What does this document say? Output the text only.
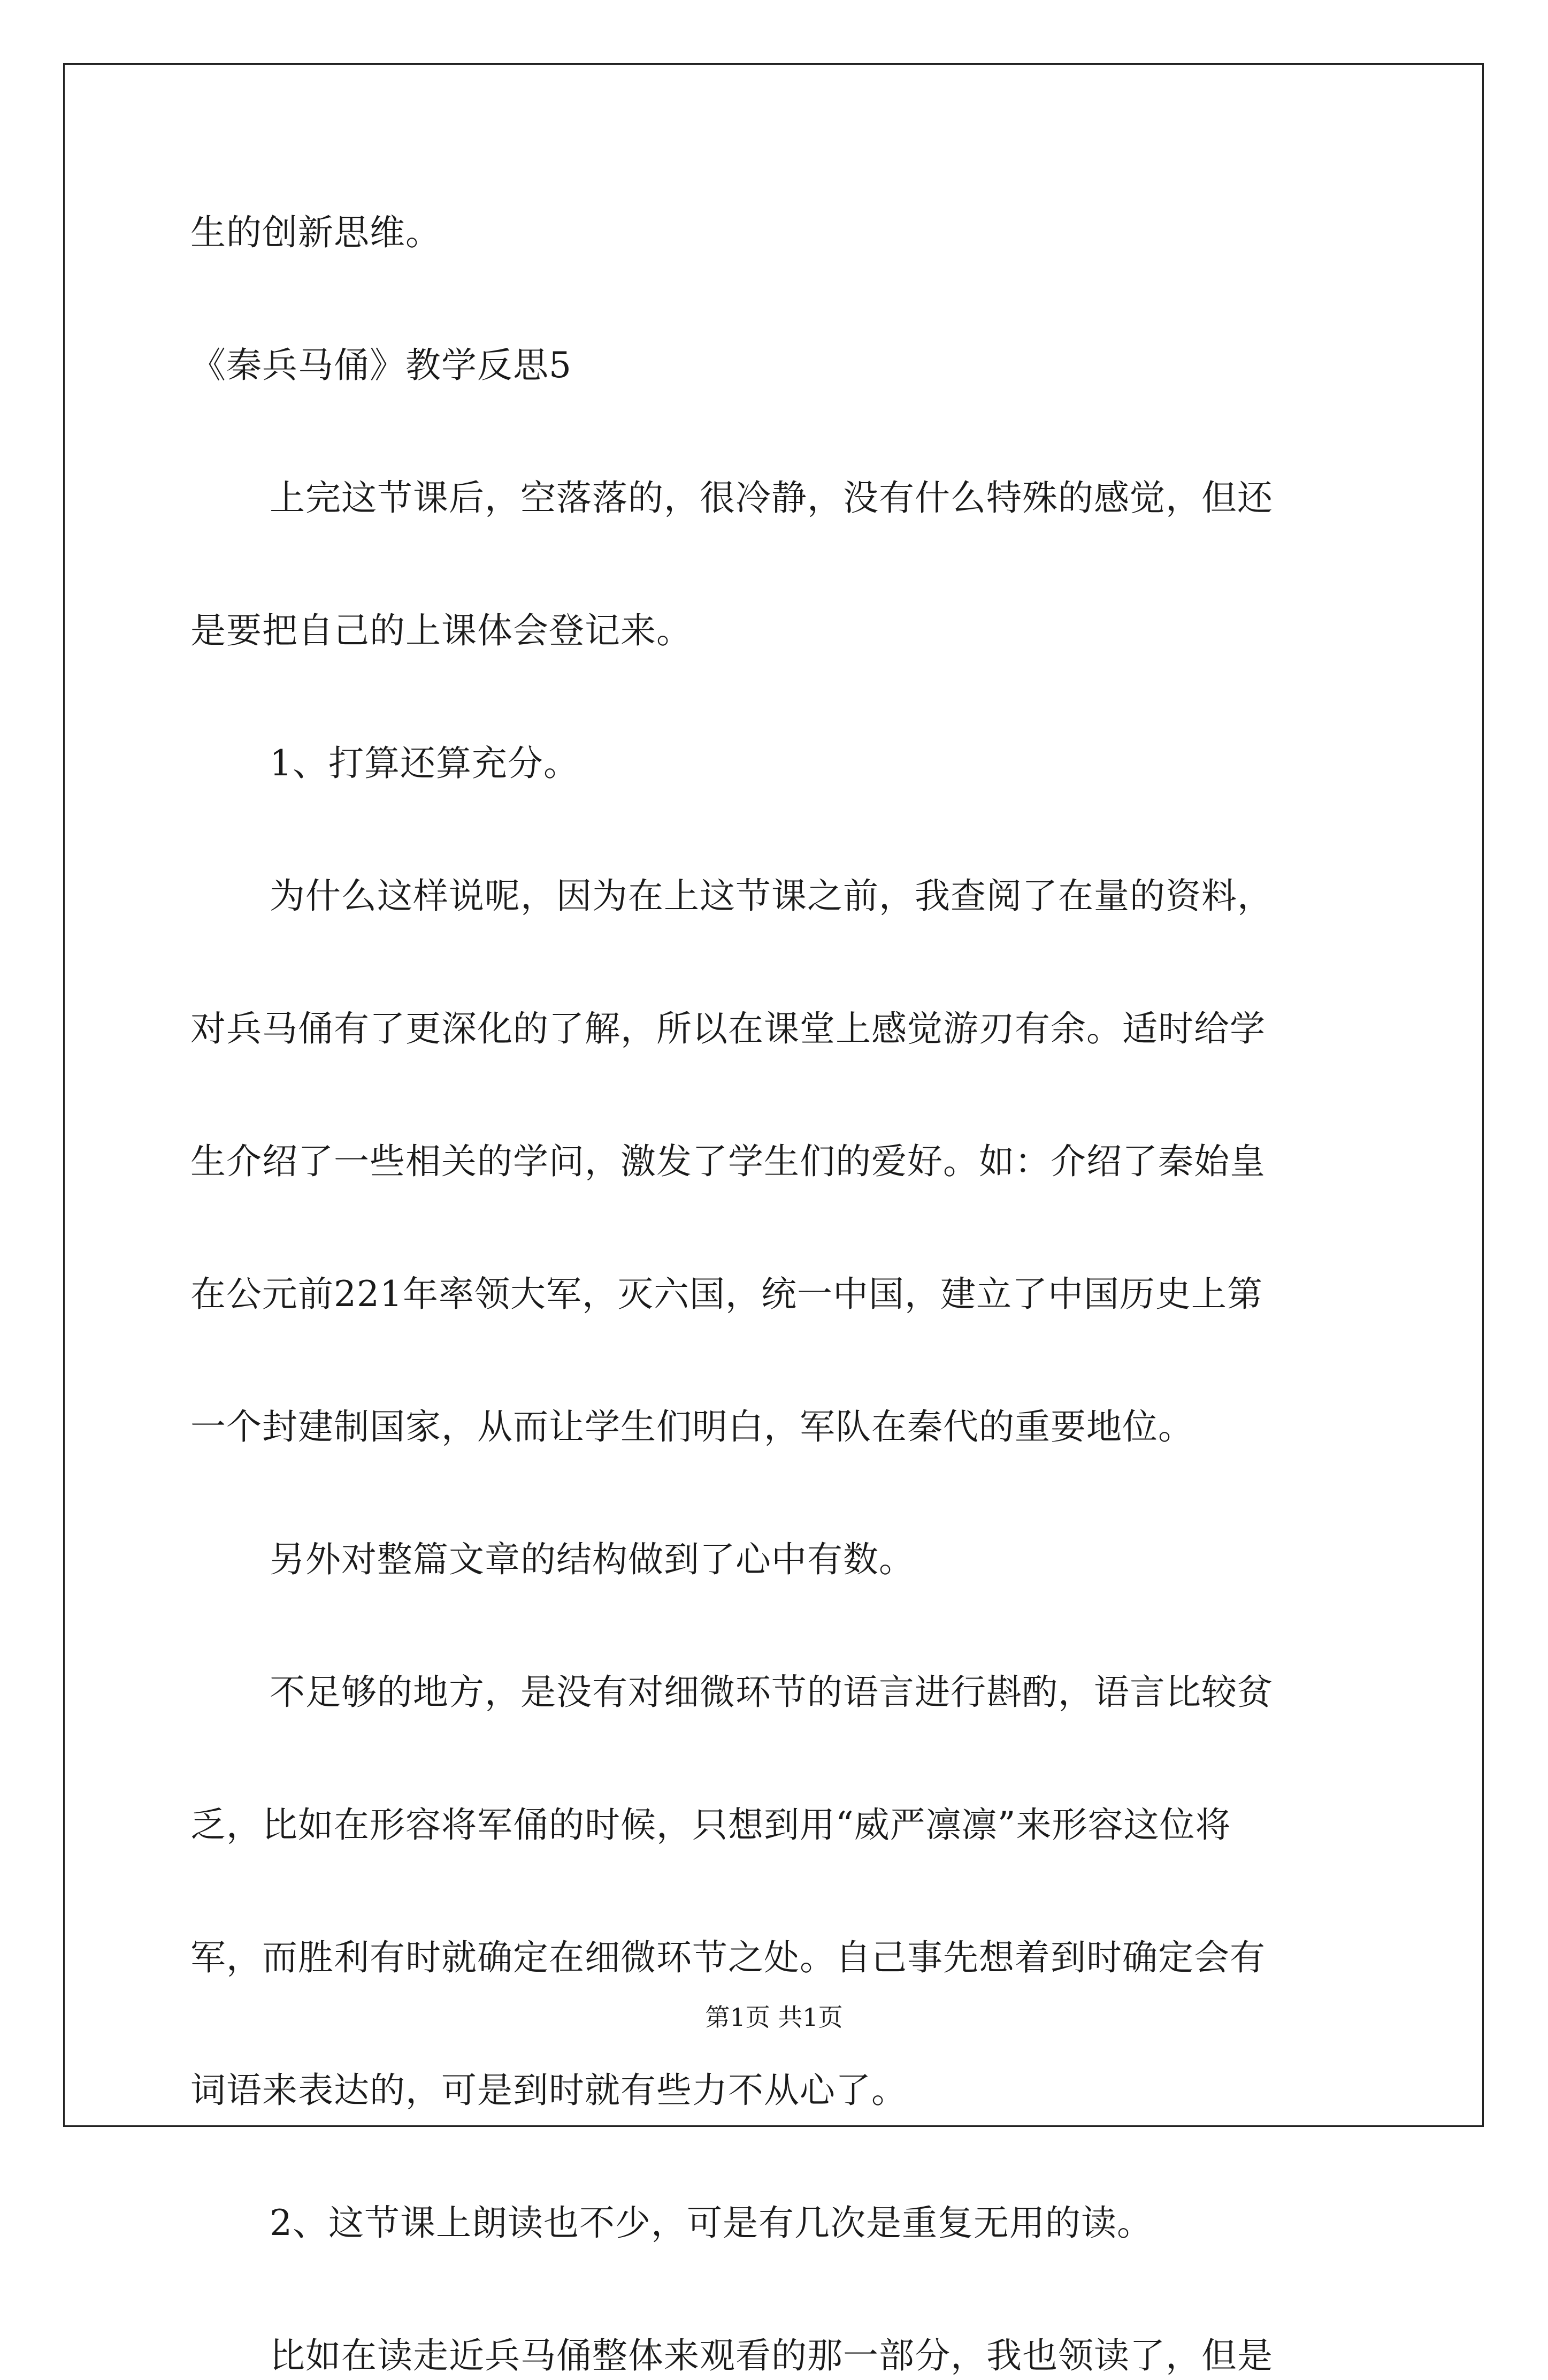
生的创新思维。

《秦兵马俑》教学反思5

上完这节课后，空落落的，很冷静，没有什么特殊的感觉，但还

是要把自己的上课体会登记来。

1、打算还算充分。

为什么这样说呢，因为在上这节课之前，我查阅了在量的资料，

对兵马俑有了更深化的了解，所以在课堂上感觉游刃有余。适时给学

生介绍了一些相关的学问，激发了学生们的爱好。如：介绍了秦始皇

在公元前221年率领大军，灭六国，统一中国，建立了中国历史上第

一个封建制国家，从而让学生们明白，军队在秦代的重要地位。

另外对整篇文章的结构做到了心中有数。

不足够的地方，是没有对细微环节的语言进行斟酌，语言比较贫

乏，比如在形容将军俑的时候，只想到用“威严凛凛”来形容这位将

军，而胜利有时就确定在细微环节之处。自己事先想着到时确定会有

词语来表达的，可是到时就有些力不从心了。

2、这节课上朗读也不少，可是有几次是重复无用的读。

比如在读走近兵马俑整体来观看的那一部分，我也领读了，但是

第1页 共1页
